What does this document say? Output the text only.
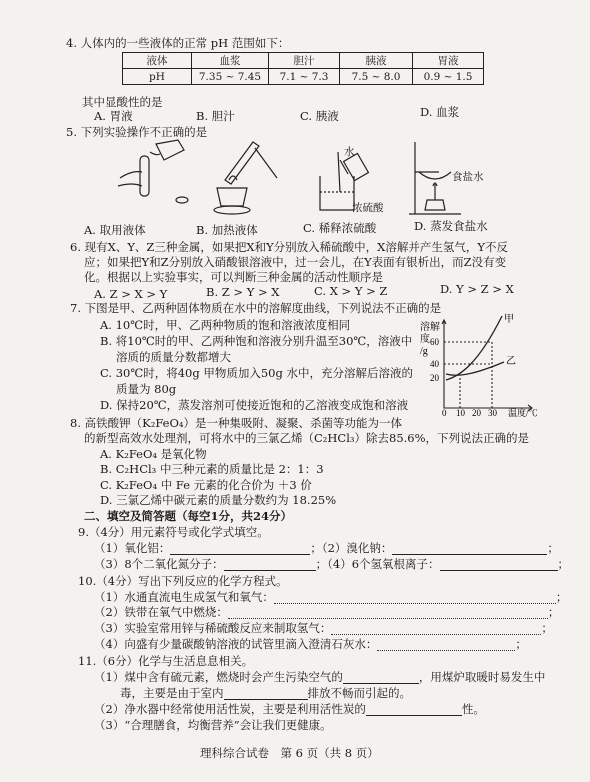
4. 人体内的一些液体的正常 pH 范围如下：
液体	血浆	胆汁	胰液	胃液
pH	7.35 ~ 7.45	7.1 ~ 7.3	7.5 ~ 8.0	0.9 ~ 1.5
其中显酸性的是
A. 胃液	B. 胆汁	C. 胰液	D. 血浆
5. 下列实验操作不正确的是
水
浓硫酸
食盐水
A. 取用液体	B. 加热液体	C. 稀释浓硫酸	D. 蒸发食盐水
6. 现有X、Y、Z三种金属，如果把X和Y分别放入稀硫酸中，X溶解并产生氢气，Y不反
应；如果把Y和Z分别放入硝酸银溶液中，过一会儿，在Y表面有银析出，而Z没有变
化。根据以上实验事实，可以判断三种金属的活动性顺序是
A. Z > X > Y	B. Z > Y > X	C. X > Y > Z	D. Y > Z > X
7. 下图是甲、乙两种固体物质在水中的溶解度曲线，下列说法不正确的是
A. 10℃时，甲、乙两种物质的饱和溶液浓度相同
B. 将10℃时的甲、乙两种饱和溶液分别升温至30℃，溶液中
溶质的质量分数都增大
C. 30℃时，将40g 甲物质加入50g 水中，充分溶解后溶液的
质量为 80g
D. 保持20℃，蒸发溶剂可使接近饱和的乙溶液变成饱和溶液
溶解
度
/g
60
40
20
0 10 20 30 温度/℃
甲
乙
8. 高铁酸钾（K₂FeO₄）是一种集吸附、凝聚、杀菌等功能为一体
的新型高效水处理剂，可将水中的三氯乙烯（C₂HCl₃）除去85.6%，下列说法正确的是
A. K₂FeO₄ 是氧化物
B. C₂HCl₃ 中三种元素的质量比是 2：1：3
C. K₂FeO₄ 中 Fe 元素的化合价为 ＋3 价
D. 三氯乙烯中碳元素的质量分数约为 18.25%
二、填空及简答题（每空1分，共24分）
9.（4分）用元素符号或化学式填空。
（1）氧化铝：	；（2）溴化钠：	；
（3）8个二氧化氮分子：	；（4）6个氢氧根离子：	；
10.（4分）写出下列反应的化学方程式。
（1）水通直流电生成氢气和氧气：	；
（2）铁带在氧气中燃烧：	；
（3）实验室常用锌与稀硫酸反应来制取氢气：	；
（4）向盛有少量碳酸钠溶液的试管里滴入澄清石灰水：	；
11.（6分）化学与生活息息相关。
（1）煤中含有硫元素，燃烧时会产生污染空气的	，用煤炉取暖时易发生中
毒，主要是由于室内	排放不畅而引起的。
（2）净水器中经常使用活性炭，主要是利用活性炭的	性。
（3）“合理膳食，均衡营养”会让我们更健康。
理科综合试卷　第 6 页（共 8 页）
